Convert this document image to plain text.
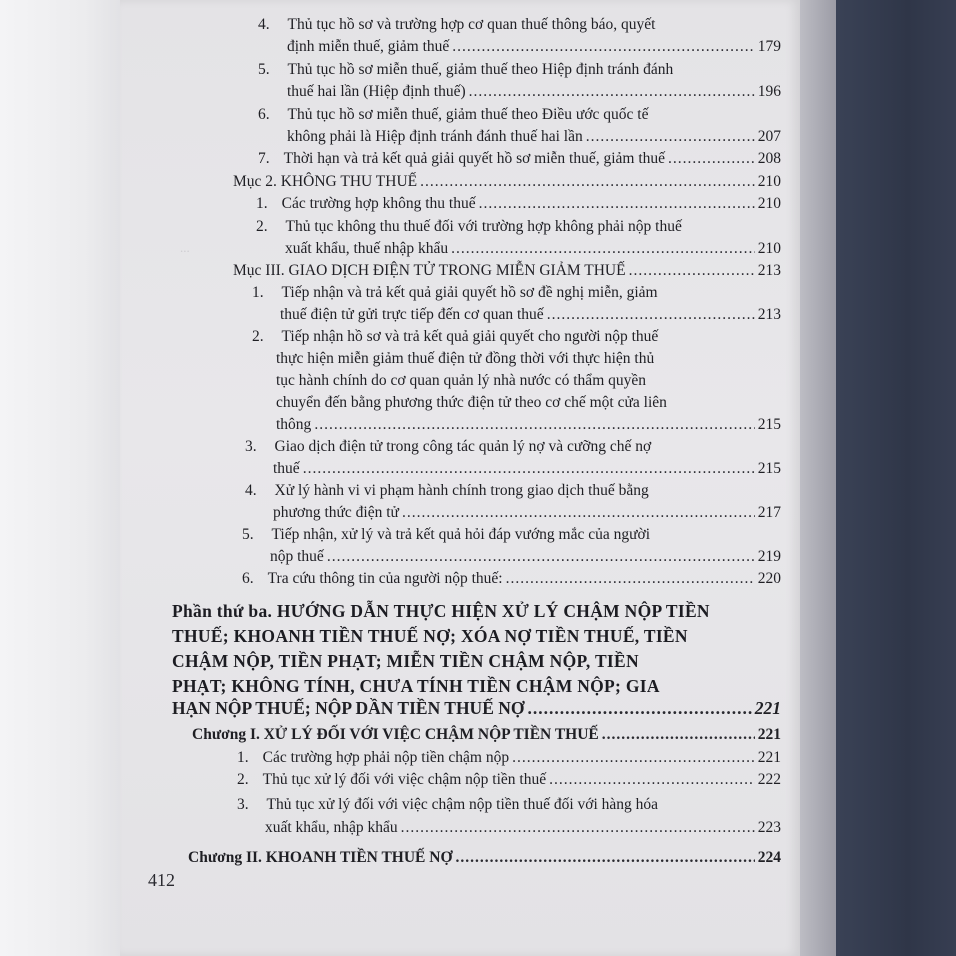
...
4. Thủ tục hồ sơ và trường hợp cơ quan thuế thông báo, quyết
định miễn thuế, giảm thuế .....	179
5. Thủ tục hồ sơ miễn thuế, giảm thuế theo Hiệp định tránh đánh
thuế hai lần (Hiệp định thuế) .....	196
6. Thủ tục hồ sơ miễn thuế, giảm thuế theo Điều ước quốc tế
không phải là Hiệp định tránh đánh thuế hai lần .....	207
7. Thời hạn và trả kết quả giải quyết hồ sơ miễn thuế, giảm thuế .....	208
Mục 2. KHÔNG THU THUẾ .....	210
1. Các trường hợp không thu thuế .....	210
2. Thủ tục không thu thuế đối với trường hợp không phải nộp thuế
xuất khẩu, thuế nhập khẩu .....	210
Mục III. GIAO DỊCH ĐIỆN TỬ TRONG MIỄN GIẢM THUẾ .....	213
1. Tiếp nhận và trả kết quả giải quyết hồ sơ đề nghị miễn, giảm
thuế điện tử gửi trực tiếp đến cơ quan thuế .....	213
2. Tiếp nhận hồ sơ và trả kết quả giải quyết cho người nộp thuế
thực hiện miễn giảm thuế điện tử đồng thời với thực hiện thủ
tục hành chính do cơ quan quản lý nhà nước có thẩm quyền
chuyển đến bằng phương thức điện tử theo cơ chế một cửa liên
thông .....	215
3. Giao dịch điện tử trong công tác quản lý nợ và cưỡng chế nợ
thuế .....	215
4. Xử lý hành vi vi phạm hành chính trong giao dịch thuế bằng
phương thức điện tử .....	217
5. Tiếp nhận, xử lý và trả kết quả hỏi đáp vướng mắc của người
nộp thuế .....	219
6. Tra cứu thông tin của người nộp thuế: .....	220
Phần thứ ba. HƯỚNG DẪN THỰC HIỆN XỬ LÝ CHẬM NỘP TIỀN
THUẾ; KHOANH TIỀN THUẾ NỢ; XÓA NỢ TIỀN THUẾ, TIỀN
CHẬM NỘP, TIỀN PHẠT; MIỄN TIỀN CHẬM NỘP, TIỀN
PHẠT; KHÔNG TÍNH, CHƯA TÍNH TIỀN CHẬM NỘP; GIA
HẠN NỘP THUẾ; NỘP DẦN TIỀN THUẾ NỢ .....	221
Chương I. XỬ LÝ ĐỐI VỚI VIỆC CHẬM NỘP TIỀN THUẾ .....	221
1. Các trường hợp phải nộp tiền chậm nộp .....	221
2. Thủ tục xử lý đối với việc chậm nộp tiền thuế .....	222
3. Thủ tục xử lý đối với việc chậm nộp tiền thuế đối với hàng hóa
xuất khẩu, nhập khẩu .....	223
Chương II. KHOANH TIỀN THUẾ NỢ .....	224
412
